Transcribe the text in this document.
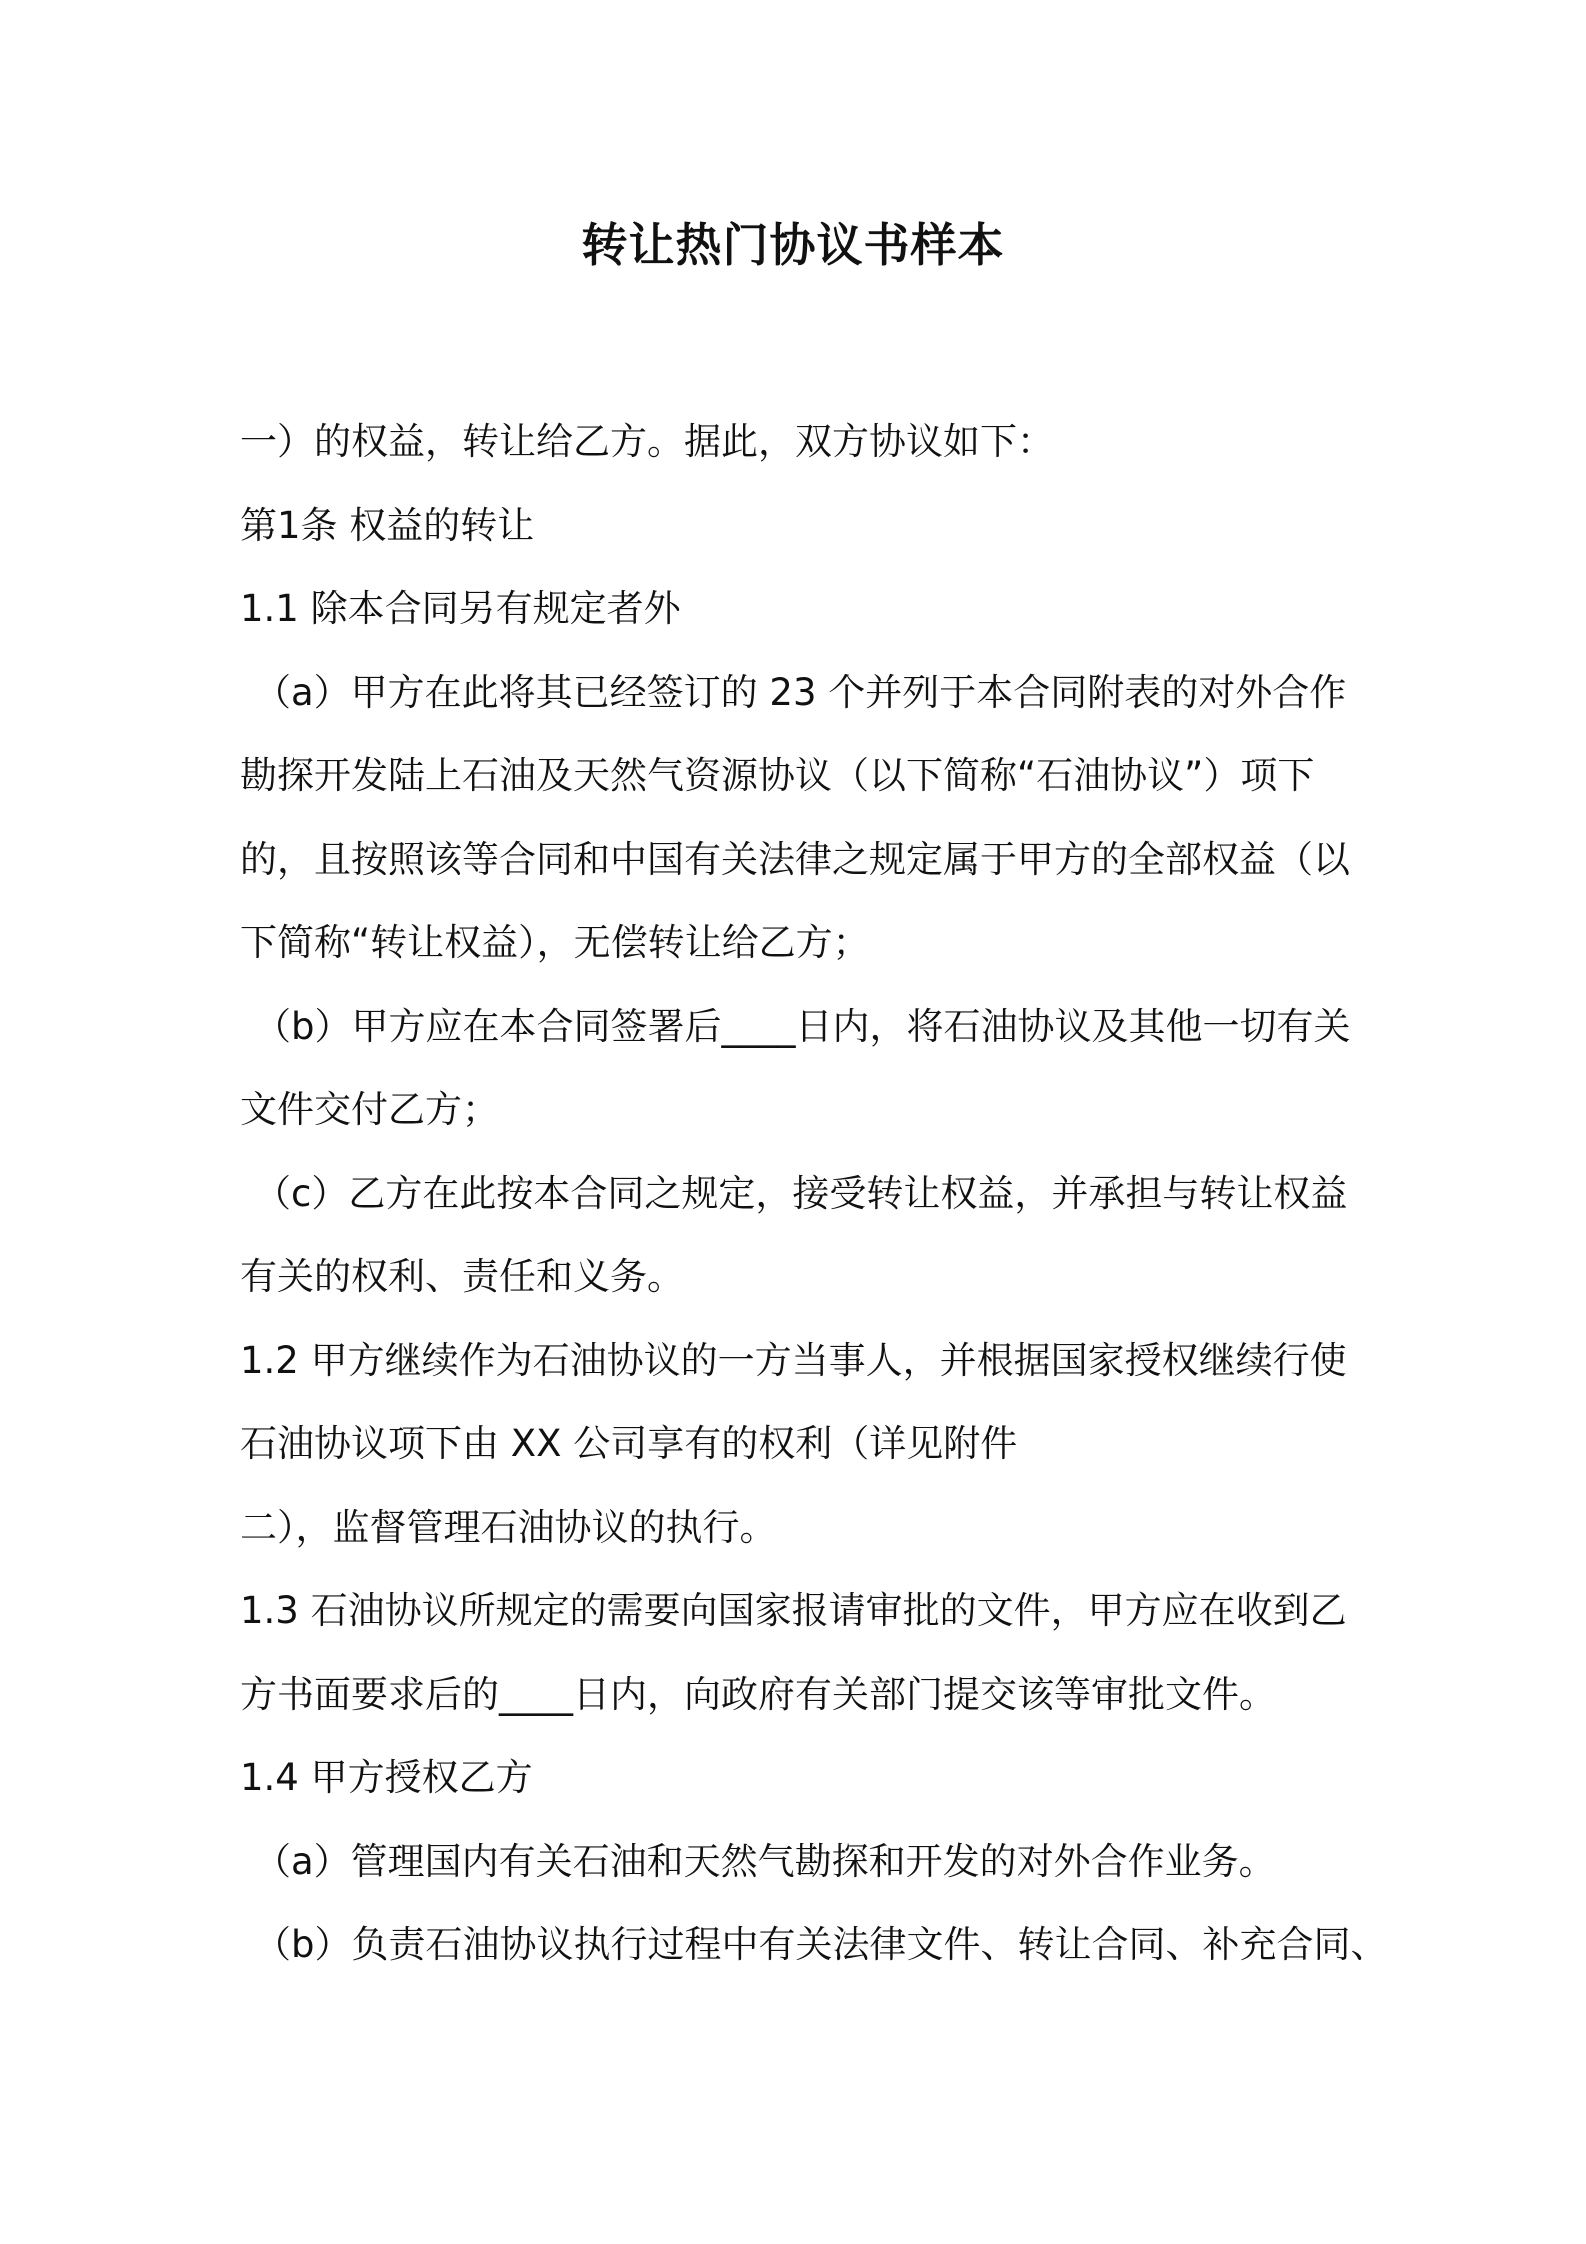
转让热门协议书样本
一）的权益，转让给乙方。据此，双方协议如下：
第1条 权益的转让
1.1 除本合同另有规定者外
（a）甲方在此将其已经签订的 23 个并列于本合同附表的对外合作
勘探开发陆上石油及天然气资源协议（以下简称“石油协议”）项下
的，且按照该等合同和中国有关法律之规定属于甲方的全部权益（以
下简称“转让权益），无偿转让给乙方；
（b）甲方应在本合同签署后____日内，将石油协议及其他一切有关
文件交付乙方；
（c）乙方在此按本合同之规定，接受转让权益，并承担与转让权益
有关的权利、责任和义务。
1.2 甲方继续作为石油协议的一方当事人，并根据国家授权继续行使
石油协议项下由 XX 公司享有的权利（详见附件
二），监督管理石油协议的执行。
1.3 石油协议所规定的需要向国家报请审批的文件，甲方应在收到乙
方书面要求后的____日内，向政府有关部门提交该等审批文件。
1.4 甲方授权乙方
（a）管理国内有关石油和天然气勘探和开发的对外合作业务。
（b）负责石油协议执行过程中有关法律文件、转让合同、补充合同、
